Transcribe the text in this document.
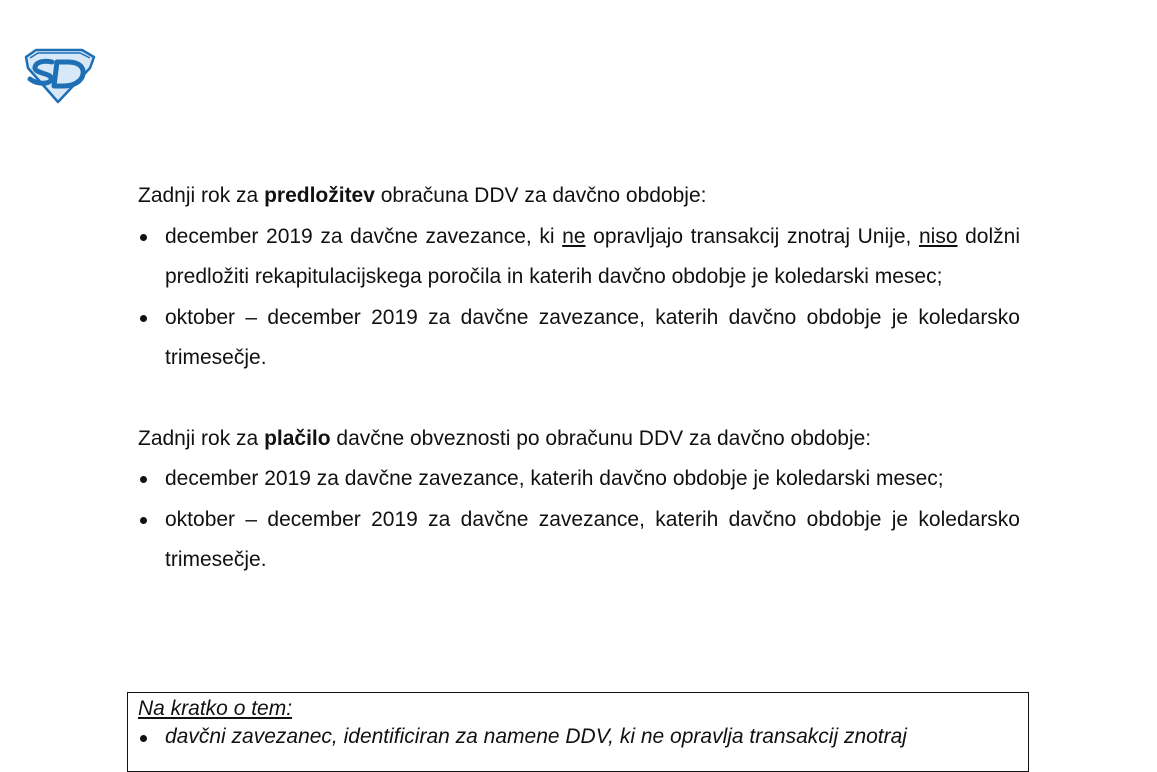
SD

Zadnji rok za predložitev obračuna DDV za davčno obdobje:

december 2019 za davčne zavezance, ki ne opravljajo transakcij znotraj Unije, niso dolžni predložiti rekapitulacijskega poročila in katerih davčno obdobje je koledarski mesec;
oktober – december 2019 za davčne zavezance, katerih davčno obdobje je koledarsko trimesečje.

Zadnji rok za plačilo davčne obveznosti po obračunu DDV za davčno obdobje:

december 2019 za davčne zavezance, katerih davčno obdobje je koledarski mesec;
oktober – december 2019 za davčne zavezance, katerih davčno obdobje je koledarsko trimesečje.

Na kratko o tem:

davčni zavezanec, identificiran za namene DDV, ki ne opravlja transakcij znotraj
